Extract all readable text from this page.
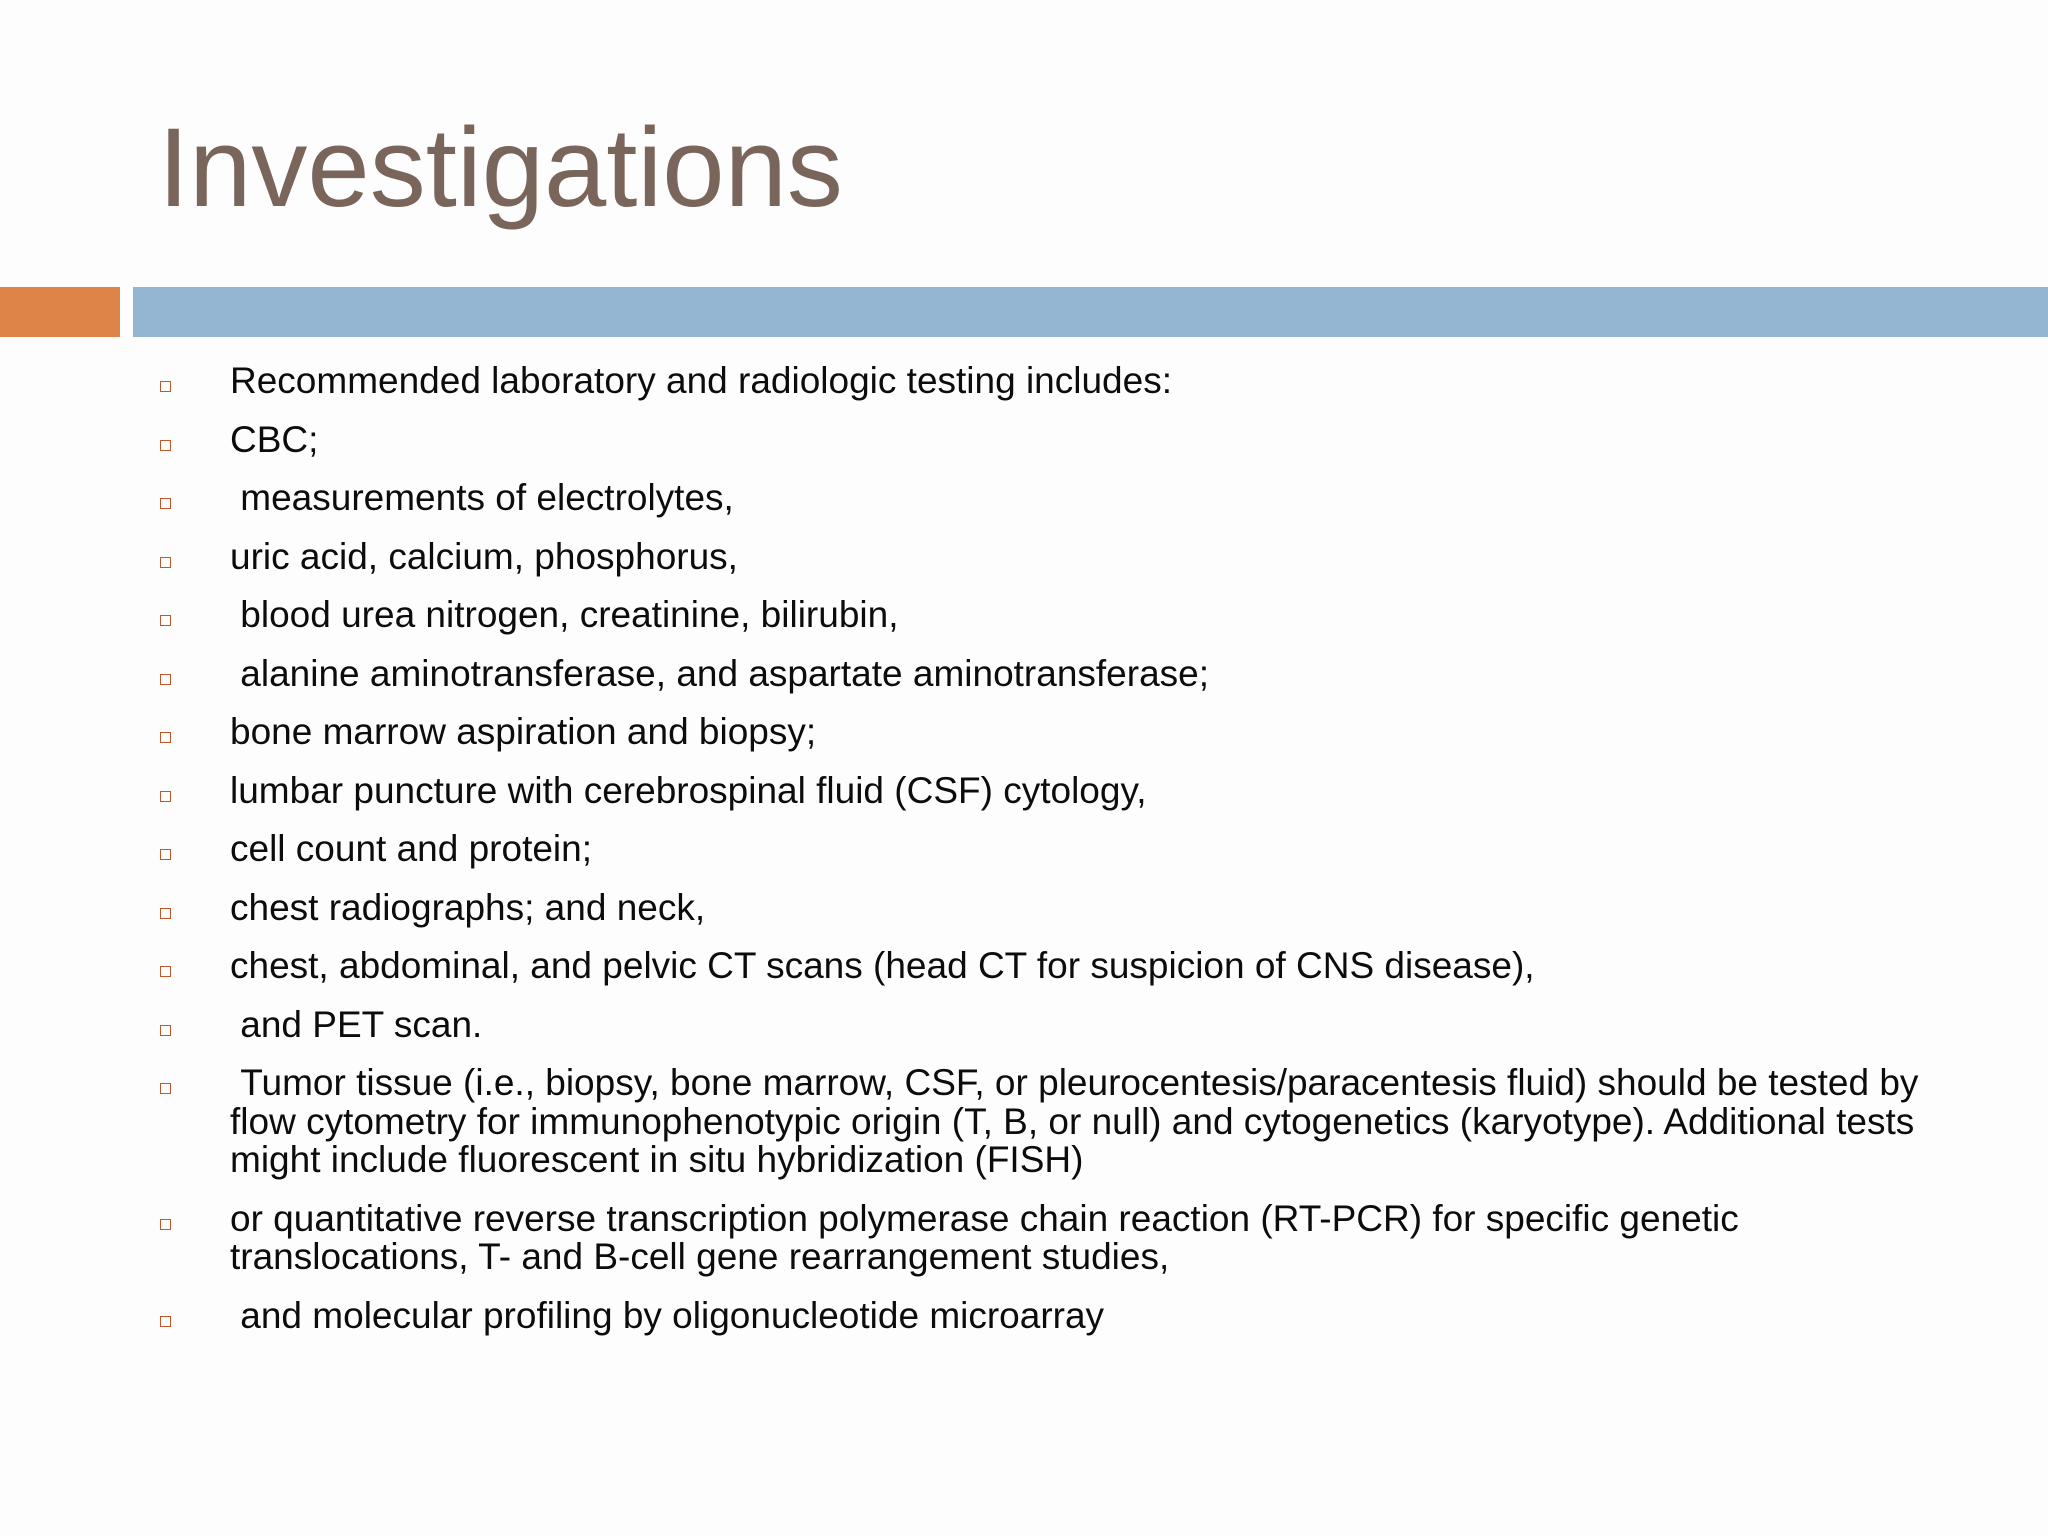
Investigations
Recommended laboratory and radiologic testing includes:
CBC;
measurements of electrolytes,
uric acid, calcium, phosphorus,
blood urea nitrogen, creatinine, bilirubin,
alanine aminotransferase, and aspartate aminotransferase;
bone marrow aspiration and biopsy;
lumbar puncture with cerebrospinal fluid (CSF) cytology,
cell count and protein;
chest radiographs; and neck,
chest, abdominal, and pelvic CT scans (head CT for suspicion of CNS disease),
and PET scan.
Tumor tissue (i.e., biopsy, bone marrow, CSF, or pleurocentesis/paracentesis fluid) should be tested by flow cytometry for immunophenotypic origin (T, B, or null) and cytogenetics (karyotype). Additional tests might include fluorescent in situ hybridization (FISH)
or quantitative reverse transcription polymerase chain reaction (RT-PCR) for specific genetic translocations, T- and B-cell gene rearrangement studies,
and molecular profiling by oligonucleotide microarray
